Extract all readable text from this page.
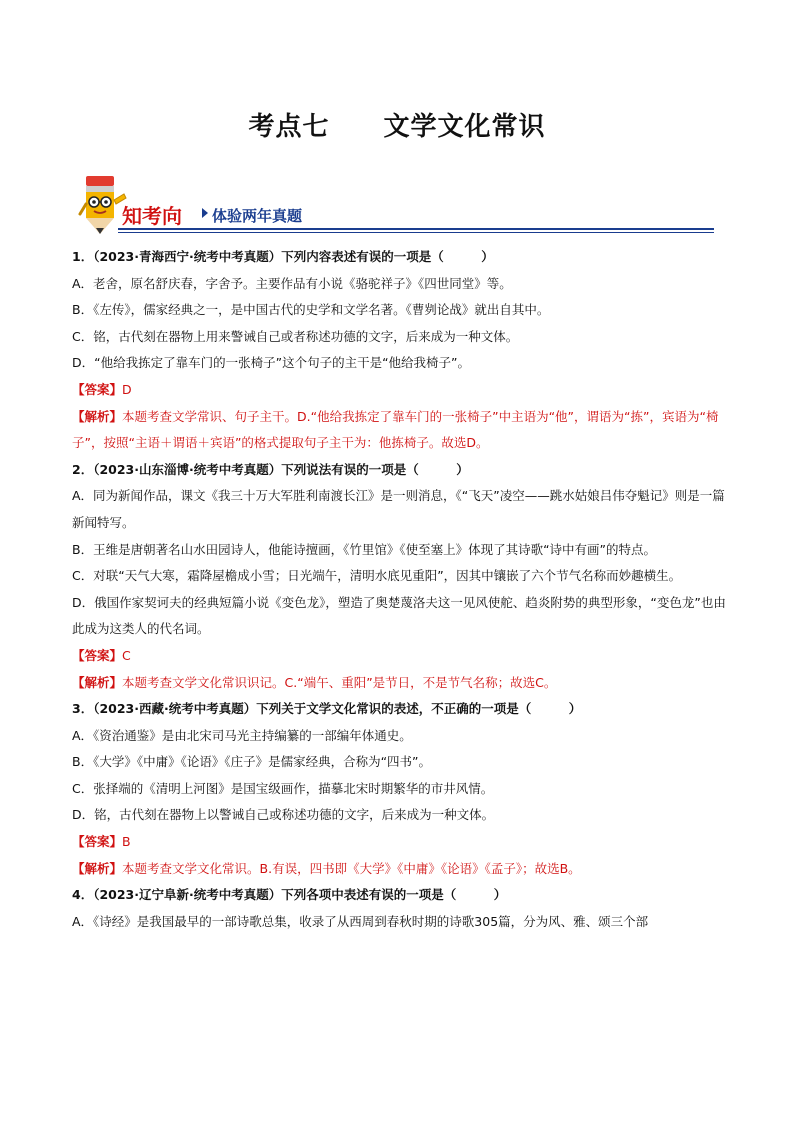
考点七　　文学文化常识
知考向 体验两年真题

1．（2023·青海西宁·统考中考真题）下列内容表述有误的一项是（　　　）

A．老舍，原名舒庆春，字舍予。主要作品有小说《骆驼祥子》《四世同堂》等。

B．《左传》，儒家经典之一，是中国古代的史学和文学名著。《曹刿论战》就出自其中。

C．铭，古代刻在器物上用来警诫自己或者称述功德的文字，后来成为一种文体。

D．“他给我拣定了靠车门的一张椅子”这个句子的主干是“他给我椅子”。

【答案】D

【解析】本题考查文学常识、句子主干。D.“他给我拣定了靠车门的一张椅子”中主语为“他”，谓语为“拣”，宾语为“椅子”，按照“主语＋谓语＋宾语”的格式提取句子主干为：他拣椅子。故选D。

2．（2023·山东淄博·统考中考真题）下列说法有误的一项是（　　　）

A．同为新闻作品，课文《我三十万大军胜利南渡长江》是一则消息，《“飞天”凌空——跳水姑娘吕伟夺魁记》则是一篇新闻特写。

B．王维是唐朝著名山水田园诗人，他能诗擅画，《竹里馆》《使至塞上》体现了其诗歌“诗中有画”的特点。

C．对联“天气大寒，霜降屋檐成小雪；日光端午，清明水底见重阳”，因其中镶嵌了六个节气名称而妙趣横生。

D．俄国作家契诃夫的经典短篇小说《变色龙》，塑造了奥楚蔑洛夫这一见风使舵、趋炎附势的典型形象，“变色龙”也由此成为这类人的代名词。

【答案】C

【解析】本题考查文学文化常识识记。C.“端午、重阳”是节日，不是节气名称；故选C。

3．（2023·西藏·统考中考真题）下列关于文学文化常识的表述，不正确的一项是（　　　）

A．《资治通鉴》是由北宋司马光主持编纂的一部编年体通史。

B．《大学》《中庸》《论语》《庄子》是儒家经典，合称为“四书”。

C．张择端的《清明上河图》是国宝级画作，描摹北宋时期繁华的市井风情。

D．铭，古代刻在器物上以警诫自己或称述功德的文字，后来成为一种文体。

【答案】B

【解析】本题考查文学文化常识。B.有误，四书即《大学》《中庸》《论语》《孟子》；故选B。

4．（2023·辽宁阜新·统考中考真题）下列各项中表述有误的一项是（　　　）

A．《诗经》是我国最早的一部诗歌总集，收录了从西周到春秋时期的诗歌305篇，分为风、雅、颂三个部
